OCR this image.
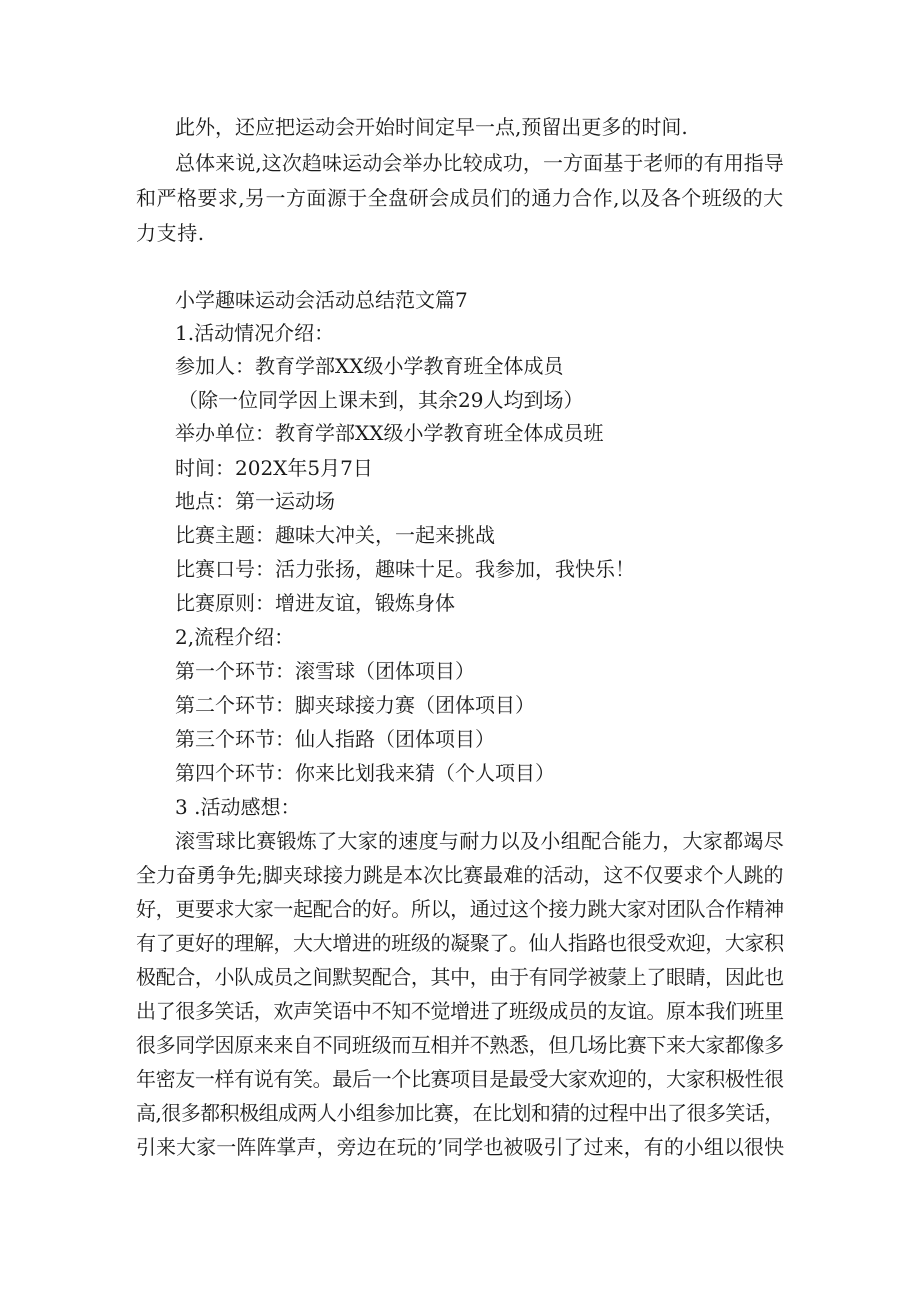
此外，还应把运动会开始时间定早一点,预留出更多的时间.

总体来说,这次趋味运动会举办比较成功，一方面基于老师的有用指导

和严格要求,另一方面源于全盘研会成员们的通力合作,以及各个班级的大

力支持.

小学趣味运动会活动总结范文篇7

1.活动情况介绍：

参加人：教育学部XX级小学教育班全体成员

（除一位同学因上课未到，其余29人均到场）

举办单位：教育学部XX级小学教育班全体成员班

时间：202X年5月7日

地点：第一运动场

比赛主题：趣味大冲关，一起来挑战

比赛口号：活力张扬，趣味十足。我参加，我快乐！

比赛原则：增进友谊，锻炼身体

2,流程介绍：

第一个环节：滚雪球（团体项目）

第二个环节：脚夹球接力赛（团体项目）

第三个环节：仙人指路（团体项目）

第四个环节：你来比划我来猜（个人项目）

3 .活动感想：

滚雪球比赛锻炼了大家的速度与耐力以及小组配合能力，大家都竭尽

全力奋勇争先;脚夹球接力跳是本次比赛最难的活动，这不仅要求个人跳的

好，更要求大家一起配合的好。所以，通过这个接力跳大家对团队合作精神

有了更好的理解，大大增进的班级的凝聚了。仙人指路也很受欢迎，大家积

极配合，小队成员之间默契配合，其中，由于有同学被蒙上了眼睛，因此也

出了很多笑话，欢声笑语中不知不觉增进了班级成员的友谊。原本我们班里

很多同学因原来来自不同班级而互相并不熟悉，但几场比赛下来大家都像多

年密友一样有说有笑。最后一个比赛项目是最受大家欢迎的，大家积极性很

高,很多都积极组成两人小组参加比赛，在比划和猜的过程中出了很多笑话，

引来大家一阵阵掌声，旁边在玩的’同学也被吸引了过来，有的小组以很快
